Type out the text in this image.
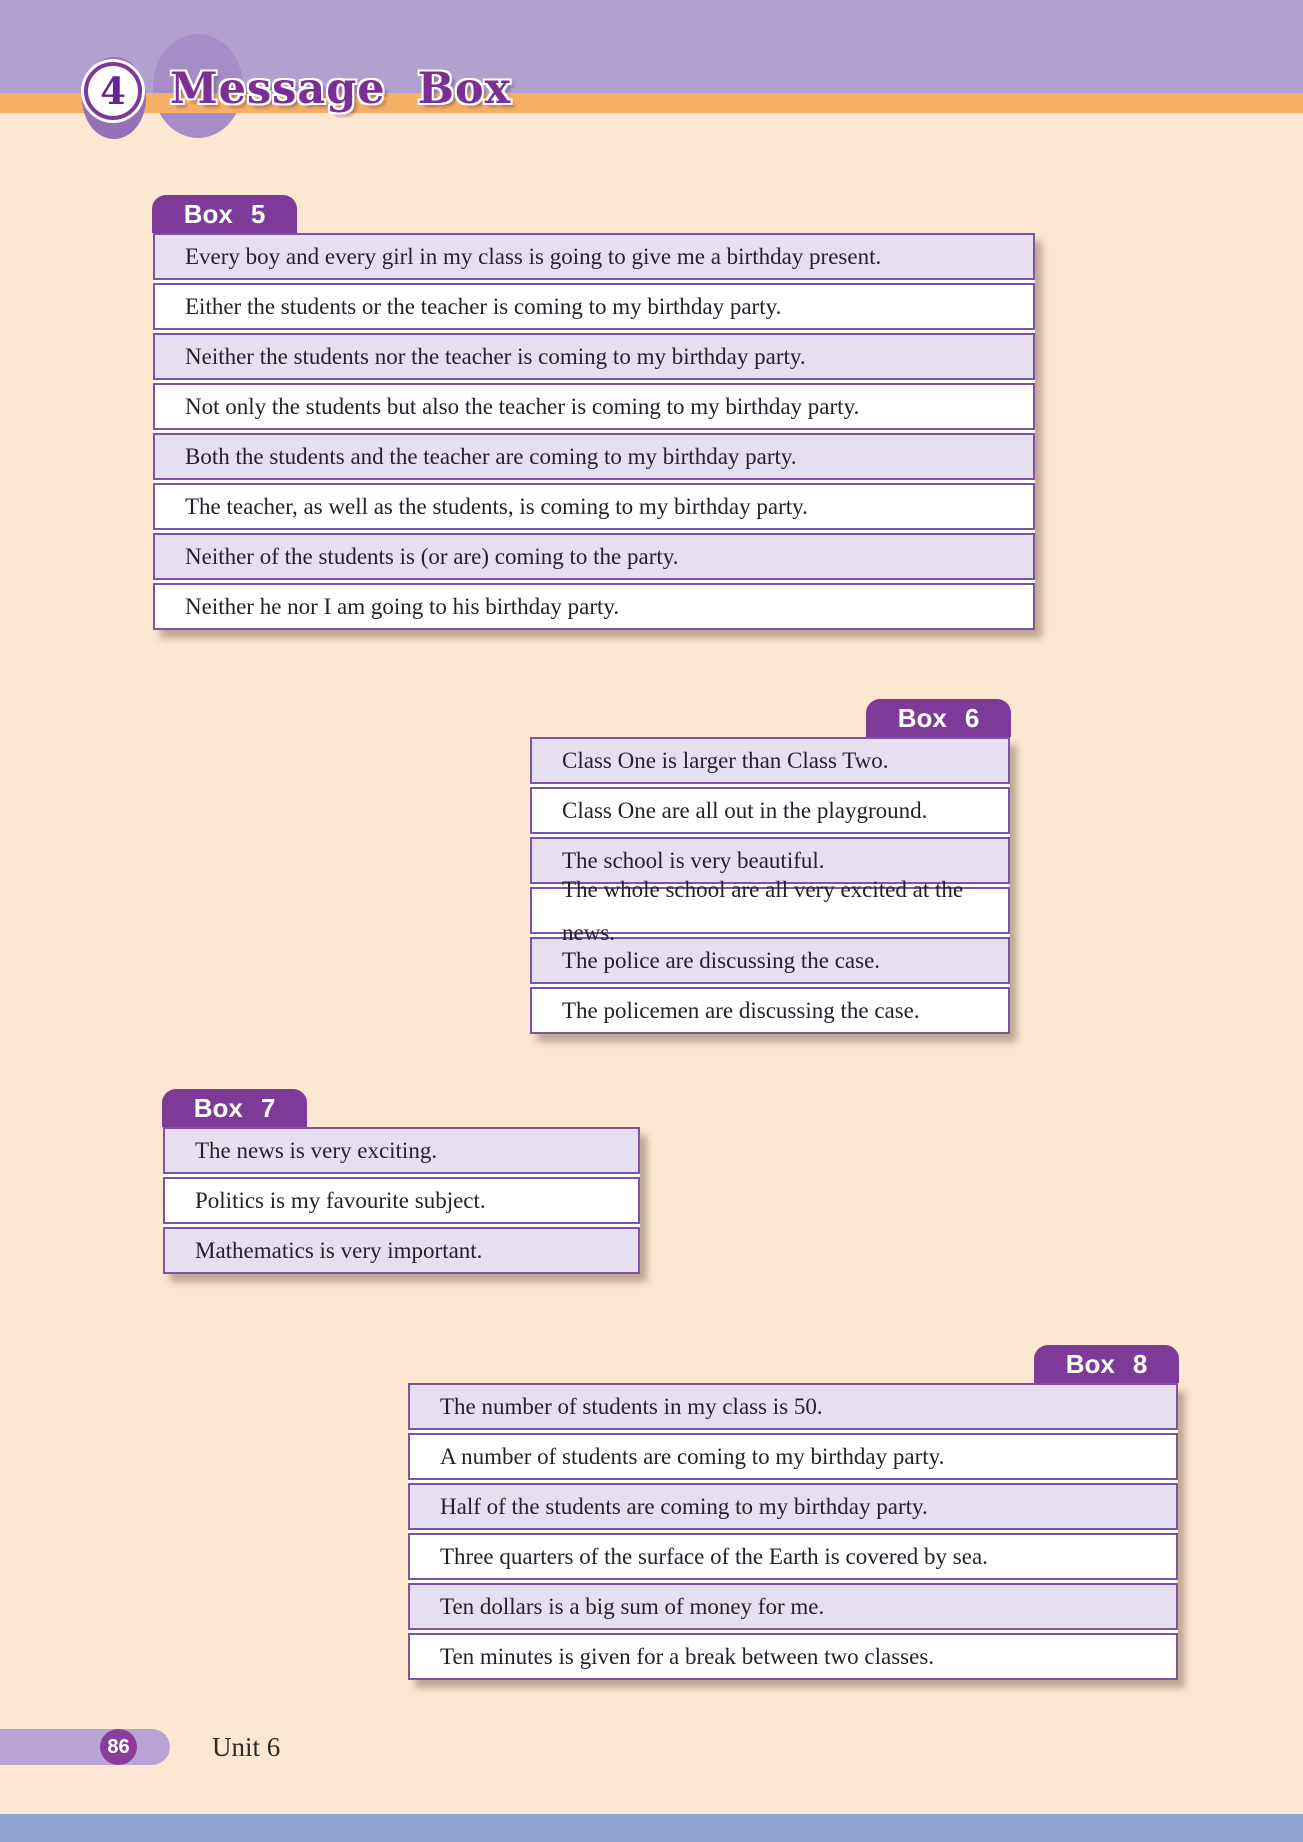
4 Message Box
Box 5
Every boy and every girl in my class is going to give me a birthday present.
Either the students or the teacher is coming to my birthday party.
Neither the students nor the teacher is coming to my birthday party.
Not only the students but also the teacher is coming to my birthday party.
Both the students and the teacher are coming to my birthday party.
The teacher, as well as the students, is coming to my birthday party.
Neither of the students is (or are) coming to the party.
Neither he nor I am going to his birthday party.
Box 6
Class One is larger than Class Two.
Class One are all out in the playground.
The school is very beautiful.
The whole school are all very excited at the news.
The police are discussing the case.
The policemen are discussing the case.
Box 7
The news is very exciting.
Politics is my favourite subject.
Mathematics is very important.
Box 8
The number of students in my class is 50.
A number of students are coming to my birthday party.
Half of the students are coming to my birthday party.
Three quarters of the surface of the Earth is covered by sea.
Ten dollars is a big sum of money for me.
Ten minutes is given for a break between two classes.
86	Unit 6
